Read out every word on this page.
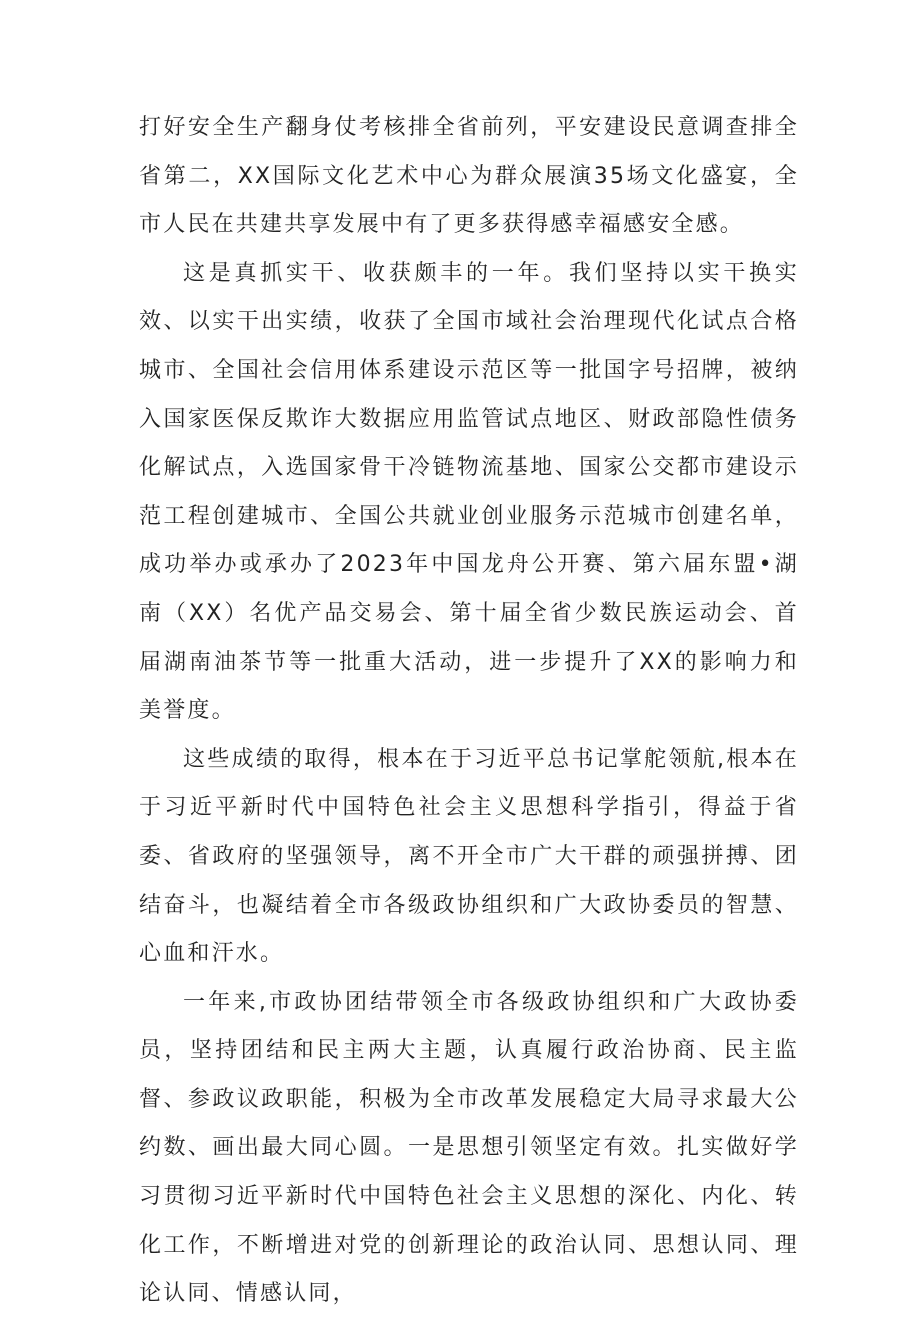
打好安全生产翻身仗考核排全省前列，平安建设民意调查排全省第二，XX国际文化艺术中心为群众展演35场文化盛宴，全市人民在共建共享发展中有了更多获得感幸福感安全感。

这是真抓实干、收获颇丰的一年。我们坚持以实干换实效、以实干出实绩，收获了全国市域社会治理现代化试点合格城市、全国社会信用体系建设示范区等一批国字号招牌，被纳入国家医保反欺诈大数据应用监管试点地区、财政部隐性债务化解试点，入选国家骨干冷链物流基地、国家公交都市建设示范工程创建城市、全国公共就业创业服务示范城市创建名单，成功举办或承办了2023年中国龙舟公开赛、第六届东盟•湖南（XX）名优产品交易会、第十届全省少数民族运动会、首届湖南油茶节等一批重大活动，进一步提升了XX的影响力和美誉度。

这些成绩的取得，根本在于习近平总书记掌舵领航,根本在于习近平新时代中国特色社会主义思想科学指引，得益于省委、省政府的坚强领导，离不开全市广大干群的顽强拼搏、团结奋斗，也凝结着全市各级政协组织和广大政协委员的智慧、心血和汗水。

一年来,市政协团结带领全市各级政协组织和广大政协委员，坚持团结和民主两大主题，认真履行政治协商、民主监督、参政议政职能，积极为全市改革发展稳定大局寻求最大公约数、画出最大同心圆。一是思想引领坚定有效。扎实做好学习贯彻习近平新时代中国特色社会主义思想的深化、内化、转化工作，不断增进对党的创新理论的政治认同、思想认同、理论认同、情感认同，
